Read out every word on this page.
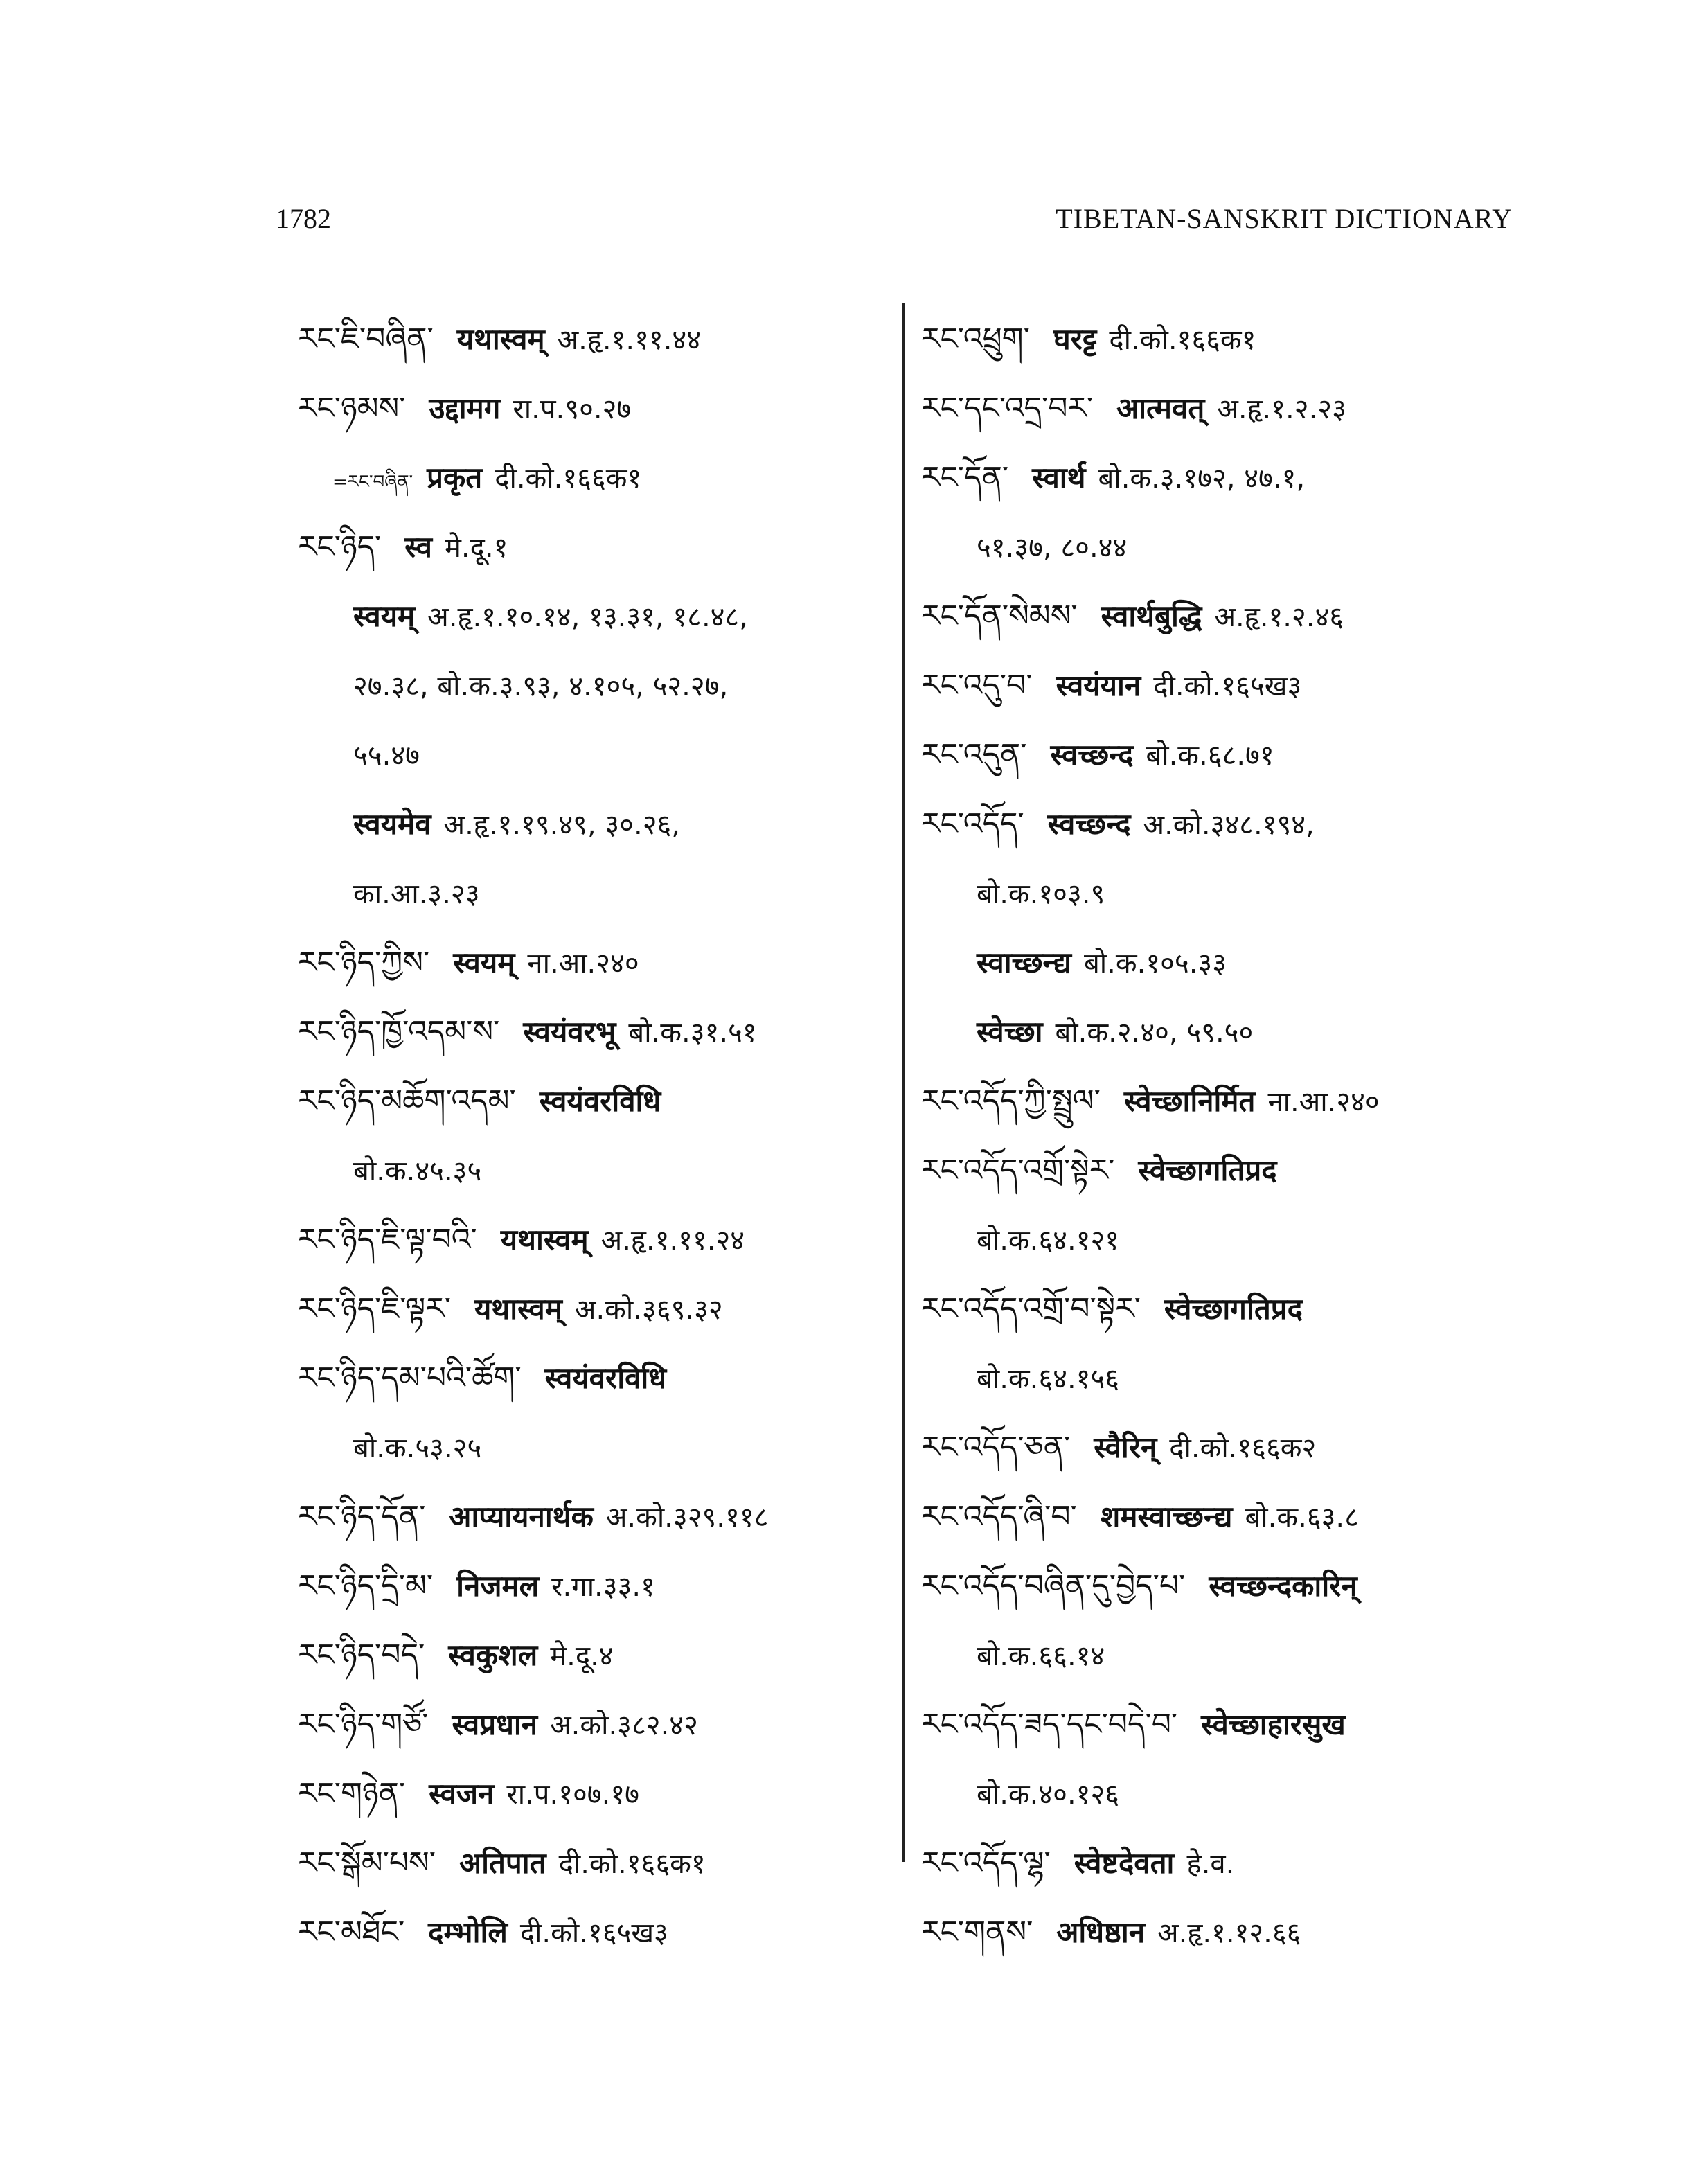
1782	TIBETAN-SANSKRIT DICTIONARY
རང་ཇི་བཞིན་ यथास्वम् अ.हृ.१.११.४४
རང་ཉམས་ उद्दामग रा.प.९०.२७
=རང་བཞིན་ प्रकृत दी.को.१६६क१
རང་ཉིད་ स्व मे.दू.१
स्वयम् अ.हृ.१.१०.१४, १३.३१, १८.४८,
२७.३८, बो.क.३.९३, ४.१०५, ५२.२७,
५५.४७
स्वयमेव अ.हृ.१.१९.४९, ३०.२६,
का.आ.३.२३
རང་ཉིད་ཀྱིས་ स्वयम् ना.आ.२४०
རང་ཉིད་ཁྱོ་འདམ་ས་ स्वयंवरभू बो.क.३१.५१
རང་ཉིད་མཆོག་འདམ་ स्वयंवरविधि
बो.क.४५.३५
རང་ཉིད་ཇི་ལྟ་བའི་ यथास्वम् अ.हृ.१.११.२४
རང་ཉིད་ཇི་ལྟར་ यथास्वम् अ.को.३६९.३२
རང་ཉིད་དམ་པའི་ཚོག་ स्वयंवरविधि
बो.क.५३.२५
རང་ཉིད་དོན་ आप्यायनार्थक अ.को.३२९.११८
རང་ཉིད་དྲི་མ་ निजमल र.गा.३३.१
རང་ཉིད་བདེ་ स्वकुशल मे.दू.४
རང་ཉིད་གཙོ་ स्वप्रधान अ.को.३८२.४२
རང་གཉེན་ स्वजन रा.प.१०७.१७
རང་སྒོམ་པས་ अतिपात दी.को.१६६क१
རང་མཐོང་ दम्भोलि दी.को.१६५ख३
རང་འཕྲུག་ घरट्ट दी.को.१६६क१
རང་དང་འདྲ་བར་ आत्मवत् अ.हृ.१.२.२३
རང་དོན་ स्वार्थ बो.क.३.१७२, ४७.१,
५१.३७, ८०.४४
རང་དོན་སེམས་ स्वार्थबुद्धि अ.हृ.१.२.४६
རང་འདུ་བ་ स्वयंयान दी.को.१६५ख३
རང་འདུན་ स्वच्छन्द बो.क.६८.७१
རང་འདོད་ स्वच्छन्द अ.को.३४८.१९४,
बो.क.१०३.९
स्वाच्छन्द्य बो.क.१०५.३३
स्वेच्छा बो.क.२.४०, ५९.५०
རང་འདོད་ཀྱི་སྤྲུལ་ स्वेच्छानिर्मित ना.आ.२४०
རང་འདོད་འགྲོ་སྟེར་ स्वेच्छागतिप्रद
बो.क.६४.१२१
རང་འདོད་འགྲོ་བ་སྟེར་ स्वेच्छागतिप्रद
बो.क.६४.१५६
རང་འདོད་ཅན་ स्वैरिन् दी.को.१६६क२
རང་འདོད་ཞི་བ་ शमस्वाच्छन्द्य बो.क.६३.८
རང་འདོད་བཞིན་དུ་བྱེད་པ་ स्वच्छन्दकारिन्
बो.क.६६.१४
རང་འདོད་ཟད་དང་བདེ་བ་ स्वेच्छाहारसुख
बो.क.४०.१२६
རང་འདོད་ལྷ་ स्वेष्टदेवता हे.व.
རང་གནས་ अधिष्ठान अ.हृ.१.१२.६६
